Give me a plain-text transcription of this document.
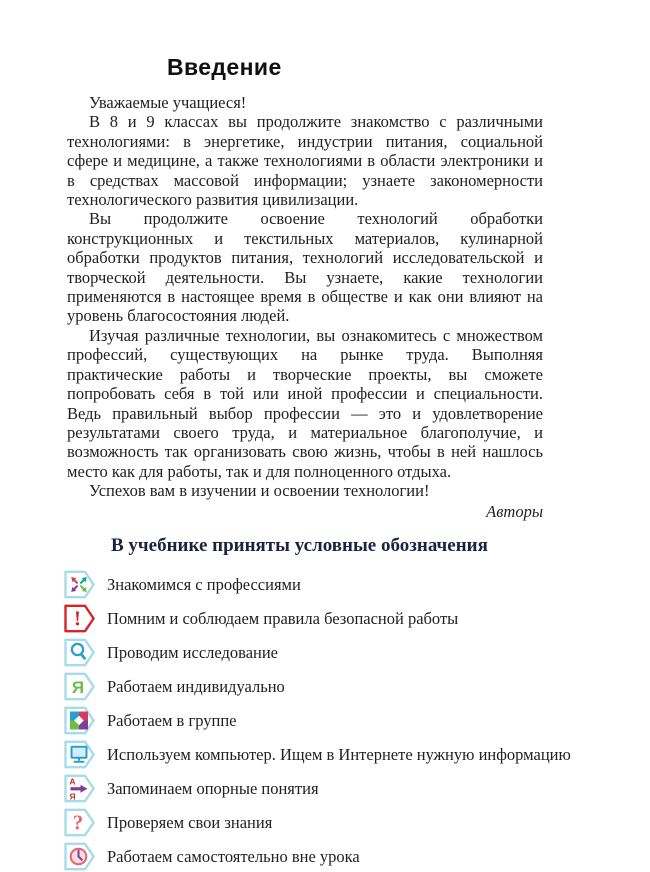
Введение

Уважаемые учащиеся!

В 8 и 9 классах вы продолжите знакомство с различными технологиями: в энергетике, индустрии питания, социальной сфере и медицине, а также технологиями в области электроники и в средствах массовой информации; узнаете закономерности технологического развития цивилизации.

Вы продолжите освоение технологий обработки конструкционных и текстильных материалов, кулинарной обработки продуктов питания, технологий исследовательской и творческой деятельности. Вы узнаете, какие технологии применяются в настоящее время в обществе и как они влияют на уровень благосостояния людей.

Изучая различные технологии, вы ознакомитесь с множеством профессий, существующих на рынке труда. Выполняя практические работы и творческие проекты, вы сможете попробовать себя в той или иной профессии и специальности. Ведь правильный выбор профессии — это и удовлетворение результатами своего труда, и материальное благополучие, и возможность так организовать свою жизнь, чтобы в ней нашлось место как для работы, так и для полноценного отдыха.

Успехов вам в изучении и освоении технологии!

Авторы
В учебнике приняты условные обозначения
Знакомимся с профессиями
! Помним и соблюдаем правила безопасной работы
Проводим исследование
Я Работаем индивидуально
Работаем в группе
Используем компьютер. Ищем в Интернете нужную информацию
А
Я Запоминаем опорные понятия
? Проверяем свои знания
Работаем самостоятельно вне урока
